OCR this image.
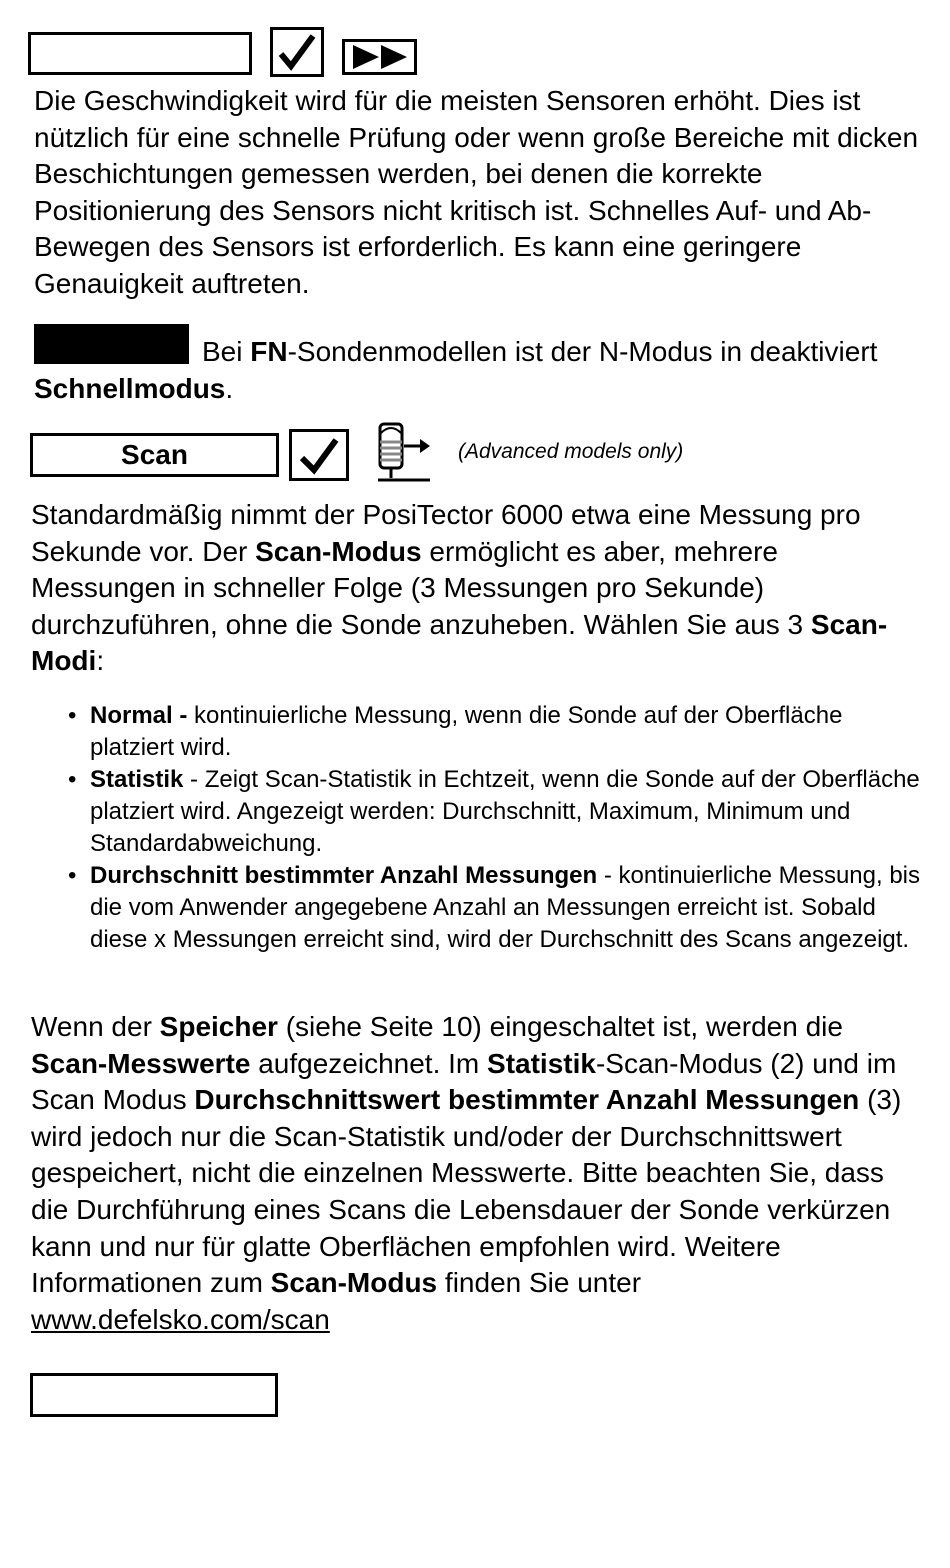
Die Geschwindigkeit wird für die meisten Sensoren erhöht. Dies ist nützlich für eine schnelle Prüfung oder wenn große Bereiche mit dicken Beschichtungen gemessen werden, bei denen die korrekte Positionierung des Sensors nicht kritisch ist. Schnelles Auf- und Ab- Bewegen des Sensors ist erforderlich. Es kann eine geringere Genauigkeit auftreten.

Bei FN-Sondenmodellen ist der N-Modus in deaktiviert Schnellmodus.

Scan	(Advanced models only)

Standardmäßig nimmt der PosiTector 6000 etwa eine Messung pro Sekunde vor. Der Scan-Modus ermöglicht es aber, mehrere Messungen in schneller Folge (3 Messungen pro Sekunde) durchzuführen, ohne die Sonde anzuheben. Wählen Sie aus 3 Scan-Modi:

• Normal - kontinuierliche Messung, wenn die Sonde auf der Oberfläche platziert wird.
• Statistik - Zeigt Scan-Statistik in Echtzeit, wenn die Sonde auf der Oberfläche platziert wird. Angezeigt werden: Durchschnitt, Maximum, Minimum und Standardabweichung.
• Durchschnitt bestimmter Anzahl Messungen - kontinuierliche Messung, bis die vom Anwender angegebene Anzahl an Messungen erreicht ist. Sobald diese x Messungen erreicht sind, wird der Durchschnitt des Scans angezeigt.

Wenn der Speicher (siehe Seite 10) eingeschaltet ist, werden die Scan-Messwerte aufgezeichnet. Im Statistik-Scan-Modus (2) und im Scan Modus Durchschnittswert bestimmter Anzahl Messungen (3) wird jedoch nur die Scan-Statistik und/oder der Durchschnittswert gespeichert, nicht die einzelnen Messwerte. Bitte beachten Sie, dass die Durchführung eines Scans die Lebensdauer der Sonde verkürzen kann und nur für glatte Oberflächen empfohlen wird. Weitere Informationen zum Scan-Modus finden Sie unter www.defelsko.com/scan
